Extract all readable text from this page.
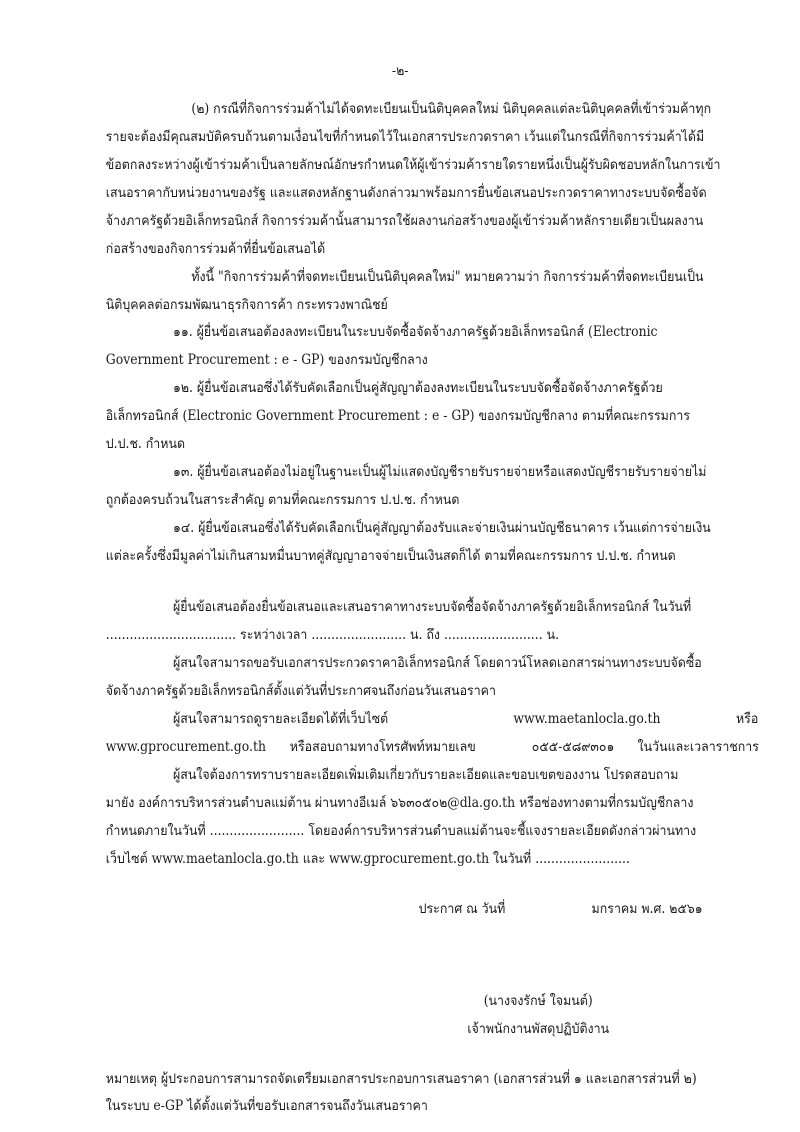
-๒-
(๒) กรณีที่กิจการร่วมค้าไม่ได้จดทะเบียนเป็นนิติบุคคลใหม่ นิติบุคคลแต่ละนิติบุคคลที่เข้าร่วมค้าทุก
รายจะต้องมีคุณสมบัติครบถ้วนตามเงื่อนไขที่กำหนดไว้ในเอกสารประกวดราคา เว้นแต่ในกรณีที่กิจการร่วมค้าได้มี
ข้อตกลงระหว่างผู้เข้าร่วมค้าเป็นลายลักษณ์อักษรกำหนดให้ผู้เข้าร่วมค้ารายใดรายหนึ่งเป็นผู้รับผิดชอบหลักในการเข้า
เสนอราคากับหน่วยงานของรัฐ และแสดงหลักฐานดังกล่าวมาพร้อมการยื่นข้อเสนอประกวดราคาทางระบบจัดซื้อจัด
จ้างภาครัฐด้วยอิเล็กทรอนิกส์ กิจการร่วมค้านั้นสามารถใช้ผลงานก่อสร้างของผู้เข้าร่วมค้าหลักรายเดียวเป็นผลงาน
ก่อสร้างของกิจการร่วมค้าที่ยื่นข้อเสนอได้
ทั้งนี้ "กิจการร่วมค้าที่จดทะเบียนเป็นนิติบุคคลใหม่" หมายความว่า กิจการร่วมค้าที่จดทะเบียนเป็น
นิติบุคคลต่อกรมพัฒนาธุรกิจการค้า กระทรวงพาณิชย์
๑๑. ผู้ยื่นข้อเสนอต้องลงทะเบียนในระบบจัดซื้อจัดจ้างภาครัฐด้วยอิเล็กทรอนิกส์ (Electronic
Government Procurement : e - GP) ของกรมบัญชีกลาง
๑๒. ผู้ยื่นข้อเสนอซึ่งได้รับคัดเลือกเป็นคู่สัญญาต้องลงทะเบียนในระบบจัดซื้อจัดจ้างภาครัฐด้วย
อิเล็กทรอนิกส์ (Electronic Government Procurement : e - GP) ของกรมบัญชีกลาง ตามที่คณะกรรมการ
ป.ป.ช. กำหนด
๑๓. ผู้ยื่นข้อเสนอต้องไม่อยู่ในฐานะเป็นผู้ไม่แสดงบัญชีรายรับรายจ่ายหรือแสดงบัญชีรายรับรายจ่ายไม่
ถูกต้องครบถ้วนในสาระสำคัญ ตามที่คณะกรรมการ ป.ป.ช. กำหนด
๑๔. ผู้ยื่นข้อเสนอซึ่งได้รับคัดเลือกเป็นคู่สัญญาต้องรับและจ่ายเงินผ่านบัญชีธนาคาร เว้นแต่การจ่ายเงิน
แต่ละครั้งซึ่งมีมูลค่าไม่เกินสามหมื่นบาทคู่สัญญาอาจจ่ายเป็นเงินสดก็ได้ ตามที่คณะกรรมการ ป.ป.ช. กำหนด
ผู้ยื่นข้อเสนอต้องยื่นข้อเสนอและเสนอราคาทางระบบจัดซื้อจัดจ้างภาครัฐด้วยอิเล็กทรอนิกส์ ในวันที่
................................. ระหว่างเวลา ........................ น. ถึง ......................... น.
ผู้สนใจสามารถขอรับเอกสารประกวดราคาอิเล็กทรอนิกส์ โดยดาวน์โหลดเอกสารผ่านทางระบบจัดซื้อ
จัดจ้างภาครัฐด้วยอิเล็กทรอนิกส์ตั้งแต่วันที่ประกาศจนถึงก่อนวันเสนอราคา
ผู้สนใจสามารถดูรายละเอียดได้ที่เว็บไซต์	www.maetanlocla.go.th	หรือ
www.gprocurement.go.th หรือสอบถามทางโทรศัพท์หมายเลข	๐๕๕-๕๘๙๓๐๑ ในวันและเวลาราชการ
ผู้สนใจต้องการทราบรายละเอียดเพิ่มเติมเกี่ยวกับรายละเอียดและขอบเขตของงาน โปรดสอบถาม
มายัง องค์การบริหารส่วนตำบลแม่ต้าน ผ่านทางอีเมล์ ๖๖๓๐๕๐๒@dla.go.th หรือช่องทางตามที่กรมบัญชีกลาง
กำหนดภายในวันที่ ........................ โดยองค์การบริหารส่วนตำบลแม่ต้านจะชี้แจงรายละเอียดดังกล่าวผ่านทาง
เว็บไซต์ www.maetanlocla.go.th และ www.gprocurement.go.th ในวันที่ ........................
ประกาศ ณ วันที่	มกราคม พ.ศ. ๒๕๖๑
(นางจงรักษ์ ใจมนต์)
เจ้าพนักงานพัสดุปฏิบัติงาน
หมายเหตุ ผู้ประกอบการสามารถจัดเตรียมเอกสารประกอบการเสนอราคา (เอกสารส่วนที่ ๑ และเอกสารส่วนที่ ๒)
ในระบบ e-GP ได้ตั้งแต่วันที่ขอรับเอกสารจนถึงวันเสนอราคา
